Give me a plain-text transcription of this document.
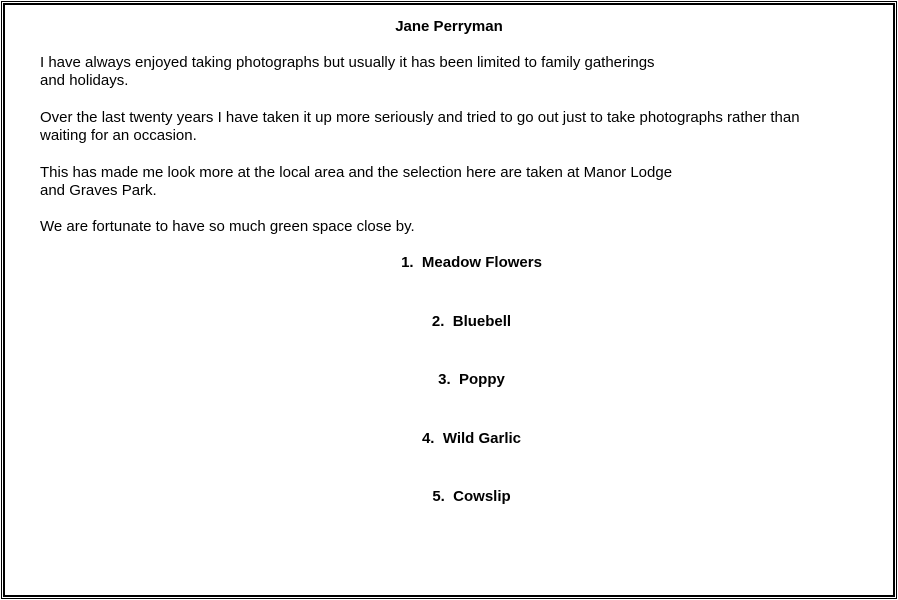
Jane Perryman

I have always enjoyed taking photographs but usually it has been limited to family gatherings
and holidays.

Over the last twenty years I have taken it up more seriously and tried to go out just to take photographs rather than
waiting for an occasion.

This has made me look more at the local area and the selection here are taken at Manor Lodge
and Graves Park.

We are fortunate to have so much green space close by.

1.  Meadow Flowers
2.  Bluebell
3.  Poppy
4.  Wild Garlic
5.  Cowslip
